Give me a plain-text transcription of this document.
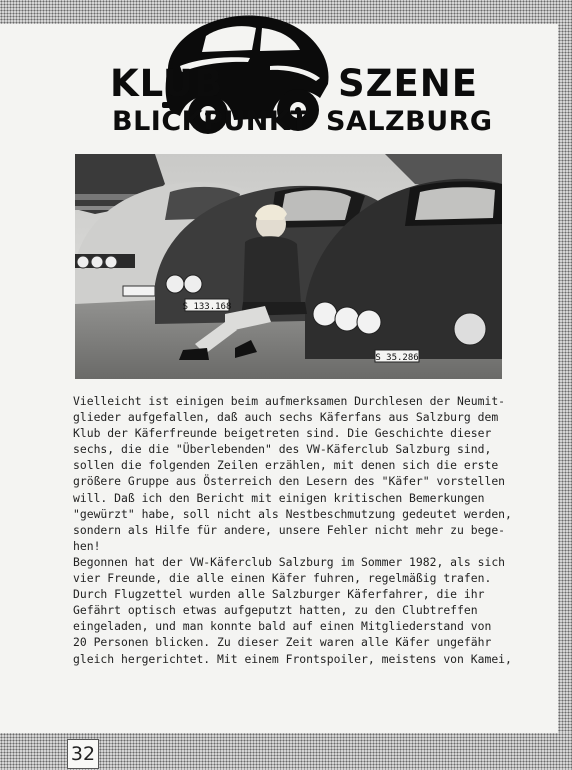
KLUB	SZENE
BLICKPUNKT SALZBURG
S 133.168
S 35.286

Vielleicht ist einigen beim aufmerksamen Durchlesen der Neumit-
glieder aufgefallen, daß auch sechs Käferfans aus Salzburg dem
Klub der Käferfreunde beigetreten sind. Die Geschichte dieser
sechs, die die "Überlebenden" des VW-Käferclub Salzburg sind,
sollen die folgenden Zeilen erzählen, mit denen sich die erste
größere Gruppe aus Österreich den Lesern des "Käfer" vorstellen
will. Daß ich den Bericht mit einigen kritischen Bemerkungen
"gewürzt" habe, soll nicht als Nestbeschmutzung gedeutet werden,
sondern als Hilfe für andere, unsere Fehler nicht mehr zu bege-
hen!

Begonnen hat der VW-Käferclub Salzburg im Sommer 1982, als sich
vier Freunde, die alle einen Käfer fuhren, regelmäßig trafen.
Durch Flugzettel wurden alle Salzburger Käferfahrer, die ihr
Gefährt optisch etwas aufgeputzt hatten, zu den Clubtreffen
eingeladen, und man konnte bald auf einen Mitgliederstand von
20 Personen blicken. Zu dieser Zeit waren alle Käfer ungefähr
gleich hergerichtet. Mit einem Frontspoiler, meistens von Kamei,

32
